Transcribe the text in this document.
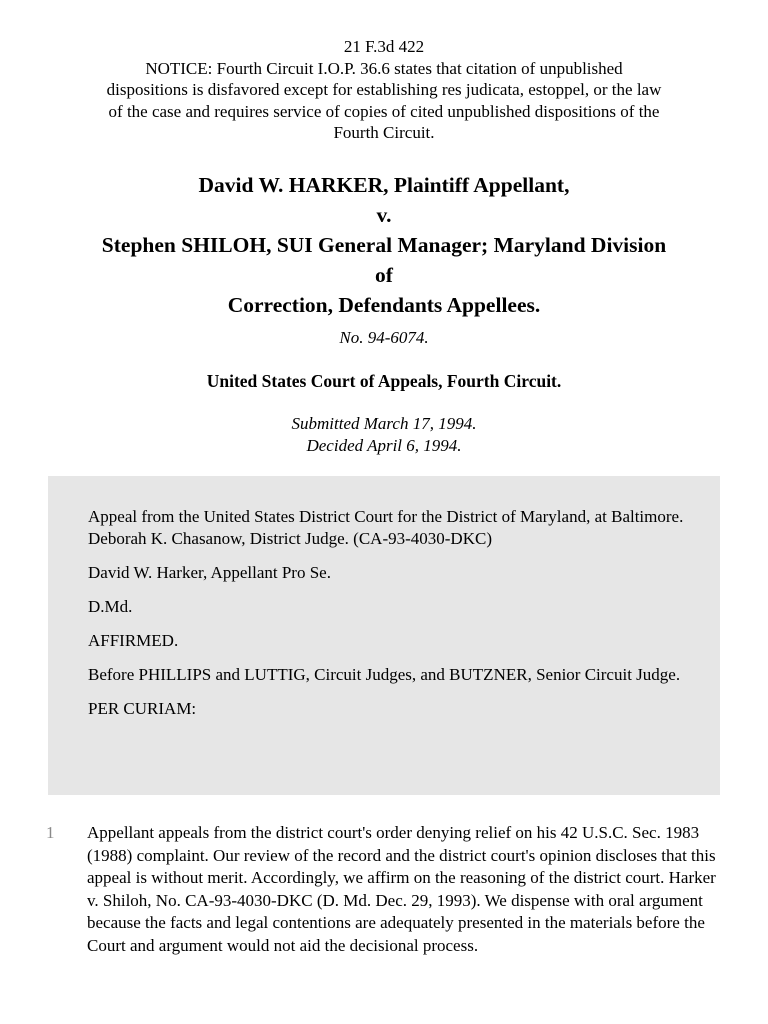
21 F.3d 422
NOTICE: Fourth Circuit I.O.P. 36.6 states that citation of unpublished
dispositions is disfavored except for establishing res judicata, estoppel, or the law
of the case and requires service of copies of cited unpublished dispositions of the
Fourth Circuit.
David W. HARKER, Plaintiff Appellant,
v.
Stephen SHILOH, SUI General Manager; Maryland Division
of
Correction, Defendants Appellees.
No. 94-6074.
United States Court of Appeals, Fourth Circuit.
Submitted March 17, 1994.
Decided April 6, 1994.

Appeal from the United States District Court for the District of Maryland, at Baltimore. Deborah K. Chasanow, District Judge. (CA-93-4030-DKC)

David W. Harker, Appellant Pro Se.

D.Md.

AFFIRMED.

Before PHILLIPS and LUTTIG, Circuit Judges, and BUTZNER, Senior Circuit Judge.

PER CURIAM:

1 Appellant appeals from the district court's order denying relief on his 42 U.S.C. Sec. 1983 (1988) complaint. Our review of the record and the district court's opinion discloses that this appeal is without merit. Accordingly, we affirm on the reasoning of the district court. Harker v. Shiloh, No. CA-93-4030-DKC (D. Md. Dec. 29, 1993). We dispense with oral argument because the facts and legal contentions are adequately presented in the materials before the Court and argument would not aid the decisional process.
